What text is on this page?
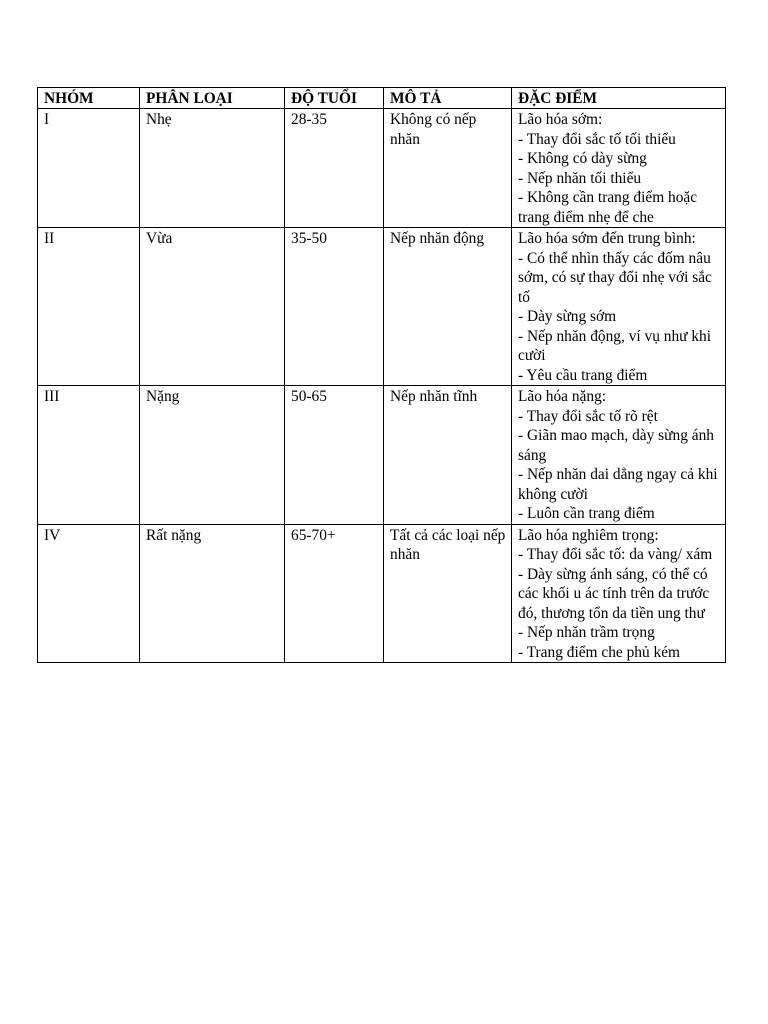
NHÓM	PHÂN LOẠI	ĐỘ TUỔI	MÔ TẢ	ĐẶC ĐIỂM
I	Nhẹ	28-35	Không có nếp nhăn	Lão hóa sớm:
- Thay đổi sắc tố tối thiểu
- Không có dày sừng
- Nếp nhăn tối thiểu
- Không cần trang điểm hoặc trang điểm nhẹ để che

II	Vừa	35-50	Nếp nhăn động	Lão hóa sớm đến trung bình:
- Có thể nhìn thấy các đốm nâu sớm, có sự thay đổi nhẹ với sắc tố
- Dày sừng sớm
- Nếp nhăn động, ví vụ như khi cười
- Yêu cầu trang điểm

III	Nặng	50-65	Nếp nhăn tĩnh	Lão hóa nặng:
- Thay đổi sắc tố rõ rệt
- Giãn mao mạch, dày sừng ánh sáng
- Nếp nhăn dai dẳng ngay cả khi không cười
- Luôn cần trang điểm

IV	Rất nặng	65-70+	Tất cả các loại nếp nhăn	Lão hóa nghiêm trọng:
- Thay đổi sắc tố: da vàng/ xám
- Dày sừng ánh sáng, có thể có các khối u ác tính trên da trước đó, thương tổn da tiền ung thư
- Nếp nhăn trầm trọng
- Trang điểm che phủ kém
